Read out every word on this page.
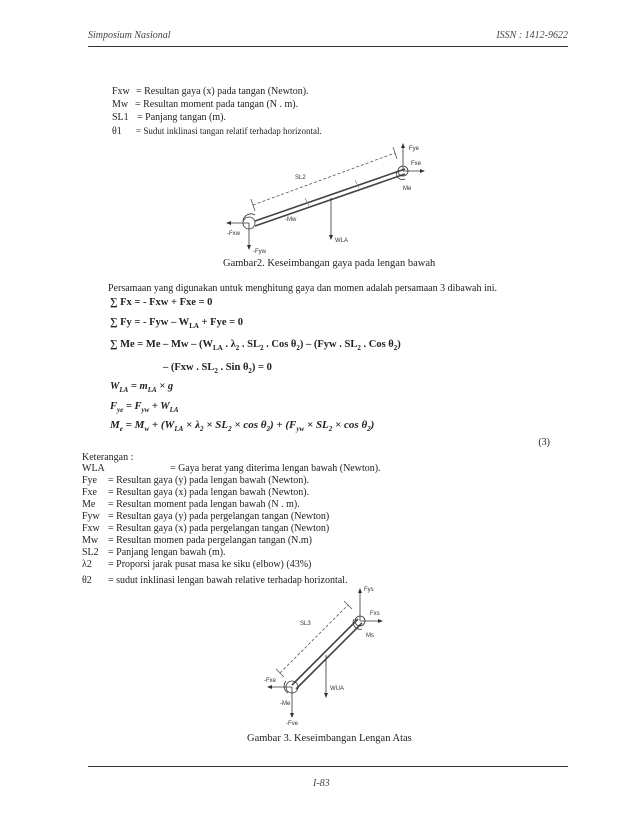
Simposium Nasional	ISSN : 1412-9622
Fxw = Resultan gaya (x) pada tangan (Newton).
Mw = Resultan moment pada tangan (N . m).
SL1 = Panjang tangan (m).
θ1 = Sudut inklinasi tangan relatif terhadap horizontal.
Fye
Fxe
Me
SL2
-Mw
-Fxw
-Fyw
WLA
Gambar2. Keseimbangan gaya pada lengan bawah
Persamaan yang digunakan untuk menghitung gaya dan momen adalah persamaan 3 dibawah ini.
∑ Fx = - Fxw + Fxe = 0
∑ Fy = - Fyw – $W_{LA}$ + Fye = 0
∑ $Me = Me - Mw - (W_{LA}$ . $\lambda_2$ . $SL_2$ . Cos $\theta_2) - (Fyw$ . $SL_2$ . Cos $\theta_2$)
– (Fxw . $SL_2$ . Sin $\theta_2) = 0$
$W_{LA} = m_{LA} \times g$
$F_{ye} = F_{yw} + W_{LA}$
$M_e = M_w + (W_{LA} \times \lambda_2 \times SL_2 \times \cos \theta_2) + (F_{yw} \times SL_2 \times \cos \theta_2)$
(3)
Keterangan :
WLA	= Gaya berat yang diterima lengan bawah (Newton).
Fye = Resultan gaya (y) pada lengan bawah (Newton).
Fxe = Resultan gaya (x) pada lengan bawah (Newton).
Me = Resultan moment pada lengan bawah (N . m).
Fyw = Resultan gaya (y) pada pergelangan tangan (Newton)
Fxw = Resultan gaya (x) pada pergelangan tangan (Newton)
Mw = Resultan momen pada pergelangan tangan (N.m)
SL2 = Panjang lengan bawah (m).
λ2 = Proporsi jarak pusat masa ke siku (elbow) (43%)
θ2 = sudut inklinasi lengan bawah relative terhadap horizontal.
Fys
Fxs
Ms
SL3
-Fxe
-Me
WUA
-Fye
Gambar 3. Keseimbangan Lengan Atas
I-83
